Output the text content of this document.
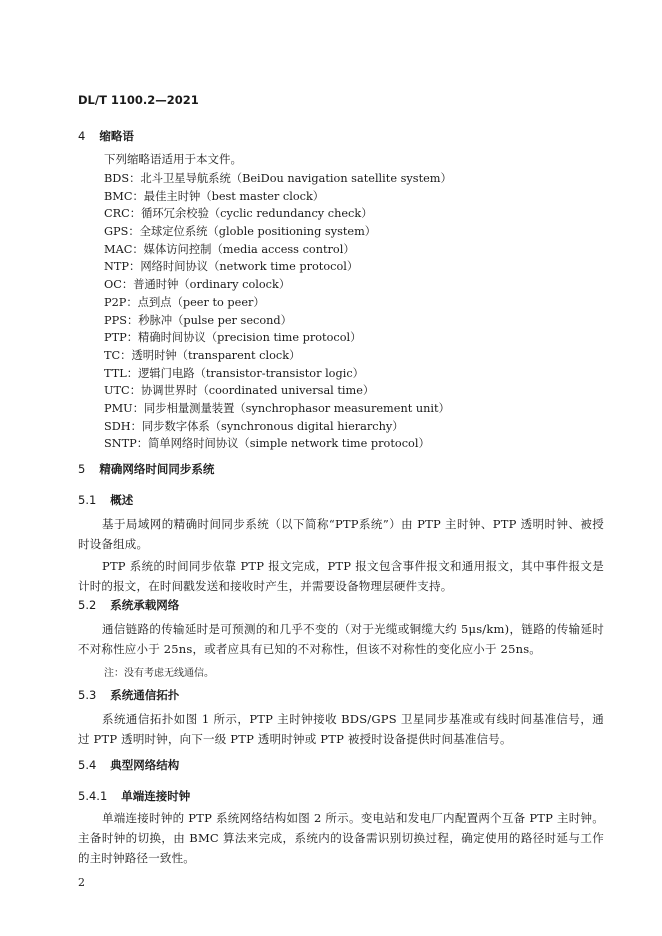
DL/T 1100.2—2021
4 缩略语
下列缩略语适用于本文件。
BDS：北斗卫星导航系统（BeiDou navigation satellite system）
BMC：最佳主时钟（best master clock）
CRC：循环冗余校验（cyclic redundancy check）
GPS：全球定位系统（globle positioning system）
MAC：媒体访问控制（media access control）
NTP：网络时间协议（network time protocol）
OC：普通时钟（ordinary colock）
P2P：点到点（peer to peer）
PPS：秒脉冲（pulse per second）
PTP：精确时间协议（precision time protocol）
TC：透明时钟（transparent clock）
TTL：逻辑门电路（transistor-transistor logic）
UTC：协调世界时（coordinated universal time）
PMU：同步相量测量装置（synchrophasor measurement unit）
SDH：同步数字体系（synchronous digital hierarchy）
SNTP：简单网络时间协议（simple network time protocol）
5 精确网络时间同步系统
5.1 概述
基于局域网的精确时间同步系统（以下简称“PTP系统”）由 PTP 主时钟、PTP 透明时钟、被授时设备组成。
PTP 系统的时间同步依靠 PTP 报文完成，PTP 报文包含事件报文和通用报文，其中事件报文是计时的报文，在时间戳发送和接收时产生，并需要设备物理层硬件支持。
5.2 系统承载网络
通信链路的传输延时是可预测的和几乎不变的（对于光缆或铜缆大约 5μs/km)，链路的传输延时不对称性应小于 25ns，或者应具有已知的不对称性，但该不对称性的变化应小于 25ns。
注：没有考虑无线通信。
5.3 系统通信拓扑
系统通信拓扑如图 1 所示，PTP 主时钟接收 BDS/GPS 卫星同步基准或有线时间基准信号，通过 PTP 透明时钟，向下一级 PTP 透明时钟或 PTP 被授时设备提供时间基准信号。
5.4 典型网络结构
5.4.1 单端连接时钟
单端连接时钟的 PTP 系统网络结构如图 2 所示。变电站和发电厂内配置两个互备 PTP 主时钟。主备时钟的切换，由 BMC 算法来完成，系统内的设备需识别切换过程，确定使用的路径时延与工作的主时钟路径一致性。
2
